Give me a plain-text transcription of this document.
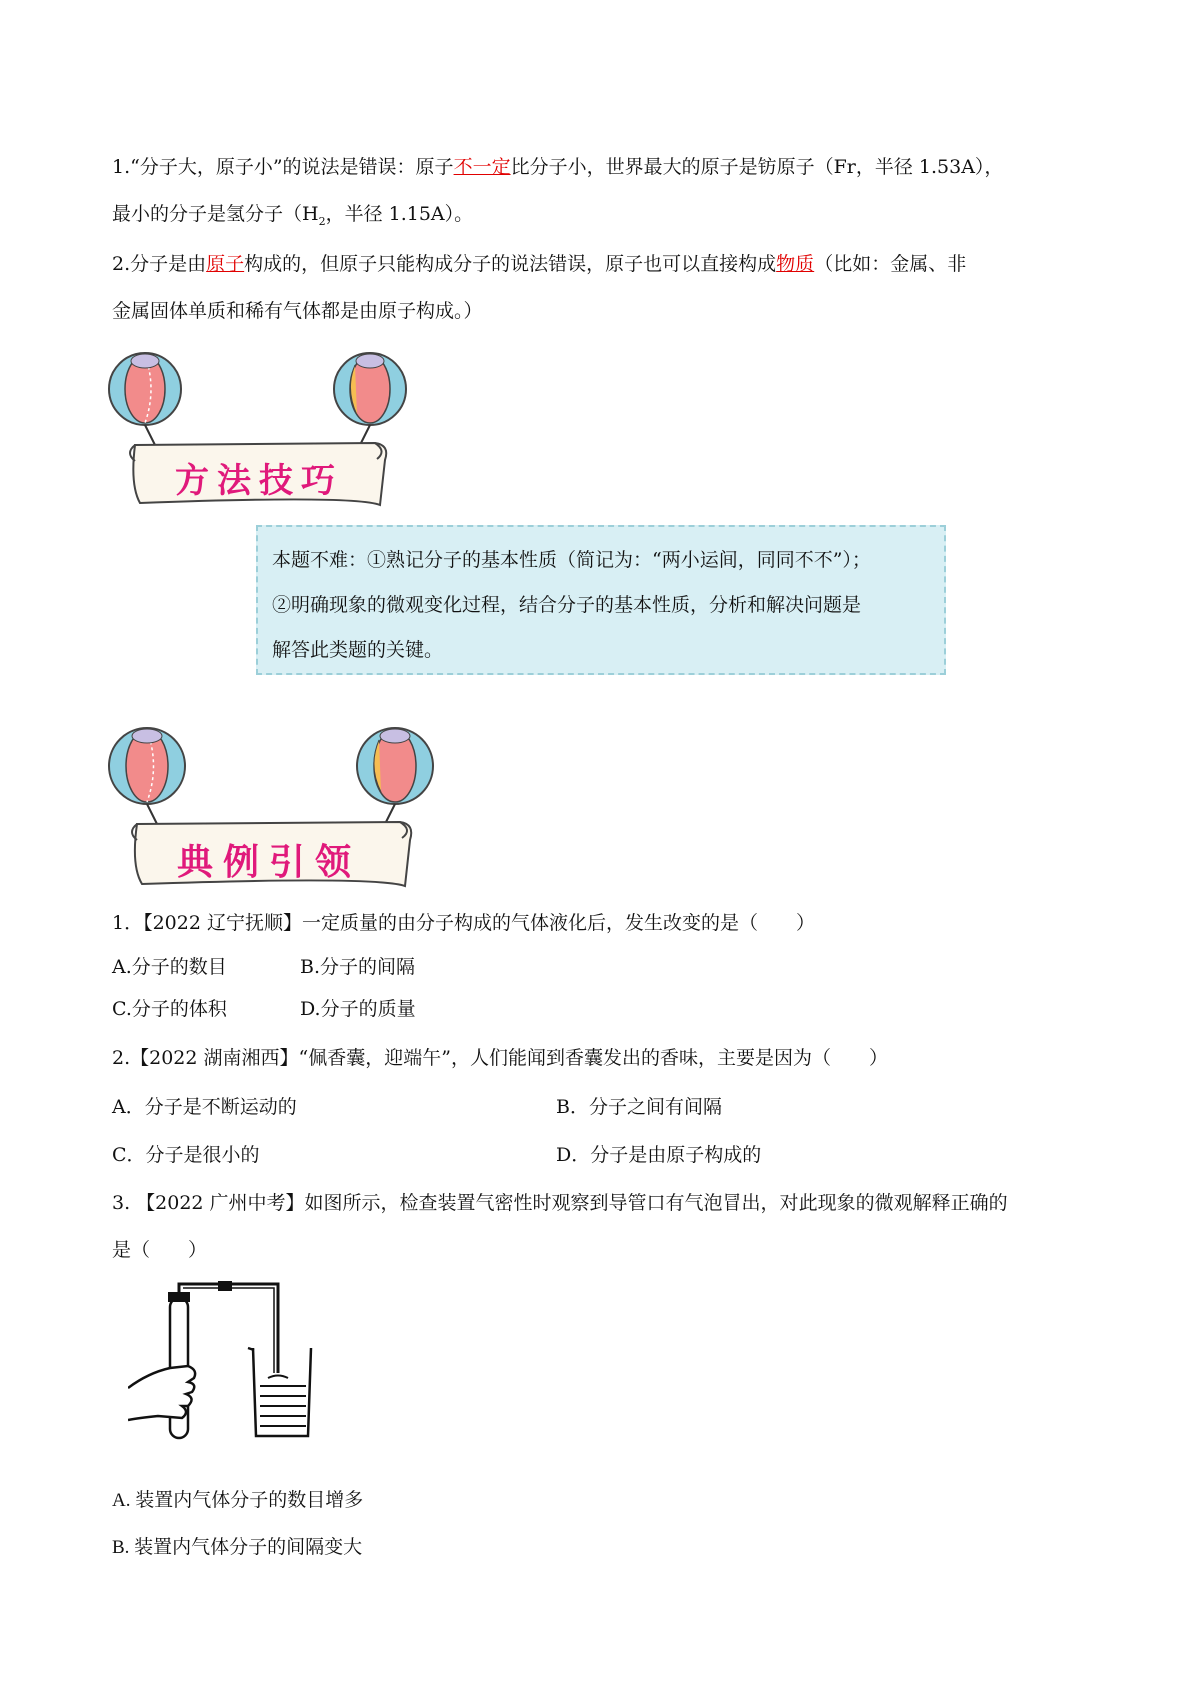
1.“分子大，原子小”的说法是错误：原子不一定比分子小，世界最大的原子是钫原子（Fr，半径 1.53A），
最小的分子是氢分子（$H_2$，半径 1.15A）。
2.分子是由原子构成的，但原子只能构成分子的说法错误，原子也可以直接构成物质（比如：金属、非
金属固体单质和稀有气体都是由原子构成。）
方法技巧
本题不难：①熟记分子的基本性质（简记为：“两小运间，同同不不”）；
②明确现象的微观变化过程，结合分子的基本性质，分析和解决问题是
解答此类题的关键。
典例引领
1．【2022 辽宁抚顺】一定质量的由分子构成的气体液化后，发生改变的是（　　）
A.分子的数目	B.分子的间隔
C.分子的体积	D.分子的质量
2.【2022 湖南湘西】“佩香囊，迎端午”，人们能闻到香囊发出的香味，主要是因为（　　）
A．分子是不断运动的	B．分子之间有间隔
C．分子是很小的	D．分子是由原子构成的
3. 【2022 广州中考】如图所示，检查装置气密性时观察到导管口有气泡冒出，对此现象的微观解释正确的
是（　　）
A. 装置内气体分子的数目增多
B. 装置内气体分子的间隔变大
